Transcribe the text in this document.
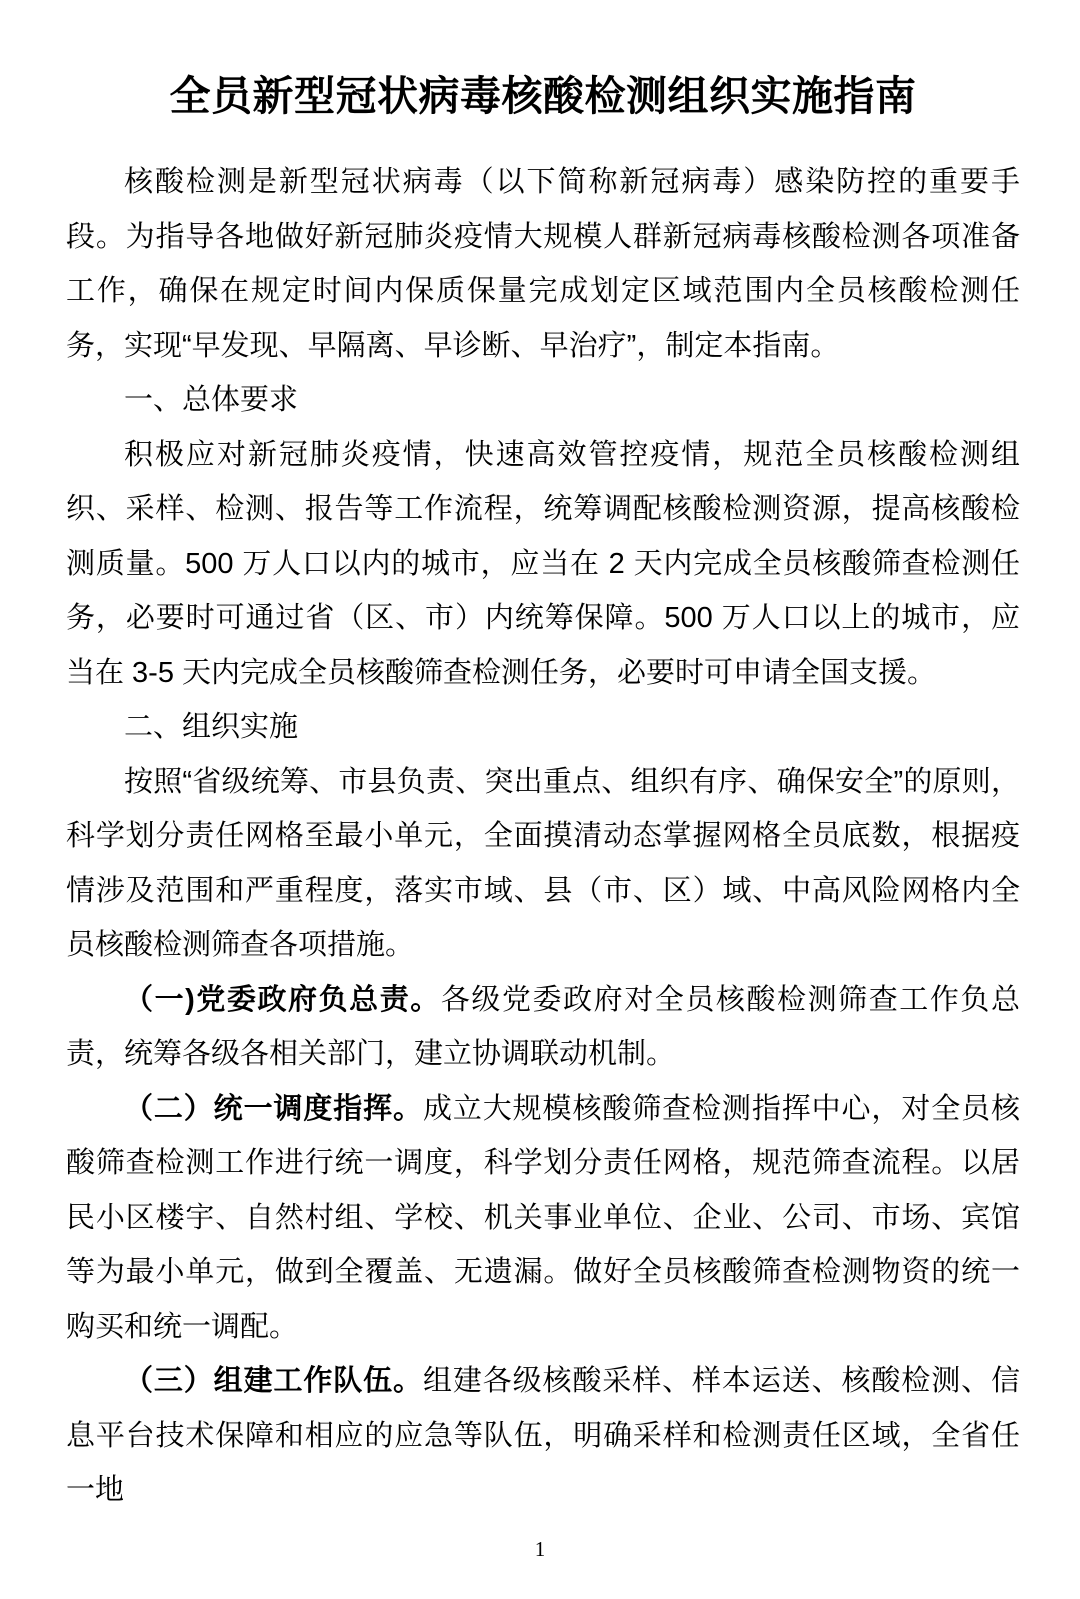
全员新型冠状病毒核酸检测组织实施指南

核酸检测是新型冠状病毒（以下简称新冠病毒）感染防控的重要手段。为指导各地做好新冠肺炎疫情大规模人群新冠病毒核酸检测各项准备工作，确保在规定时间内保质保量完成划定区域范围内全员核酸检测任务，实现“早发现、早隔离、早诊断、早治疗”，制定本指南。

一、总体要求

积极应对新冠肺炎疫情，快速高效管控疫情，规范全员核酸检测组织、采样、检测、报告等工作流程，统筹调配核酸检测资源，提高核酸检测质量。500 万人口以内的城市，应当在 2 天内完成全员核酸筛查检测任务，必要时可通过省（区、市）内统筹保障。500 万人口以上的城市，应当在 3-5 天内完成全员核酸筛查检测任务，必要时可申请全国支援。

二、组织实施

按照“省级统筹、市县负责、突出重点、组织有序、确保安全”的原则，科学划分责任网格至最小单元，全面摸清动态掌握网格全员底数，根据疫情涉及范围和严重程度，落实市域、县（市、区）域、中高风险网格内全员核酸检测筛查各项措施。

（一)党委政府负总责。各级党委政府对全员核酸检测筛查工作负总责，统筹各级各相关部门，建立协调联动机制。

（二）统一调度指挥。成立大规模核酸筛查检测指挥中心，对全员核酸筛查检测工作进行统一调度，科学划分责任网格，规范筛查流程。以居民小区楼宇、自然村组、学校、机关事业单位、企业、公司、市场、宾馆等为最小单元，做到全覆盖、无遗漏。做好全员核酸筛查检测物资的统一购买和统一调配。

（三）组建工作队伍。组建各级核酸采样、样本运送、核酸检测、信息平台技术保障和相应的应急等队伍，明确采样和检测责任区域，全省任一地

1
